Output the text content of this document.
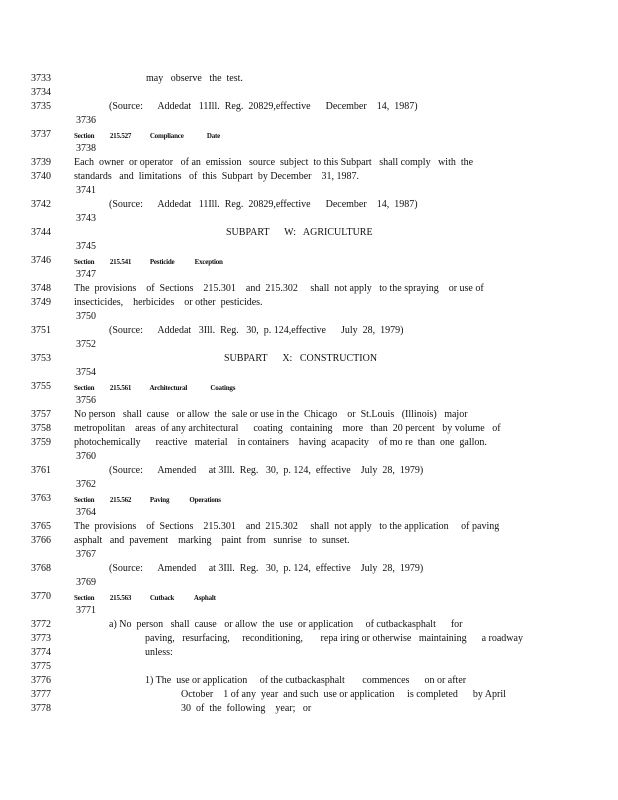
3733
3734
3735
3736
3737
3738
3739
3740
3741
3742
3743
3744
3745
3746
3747
3748
3749
3750
3751
3752
3753
3754
3755
3756
3757
3758
3759
3760
3761
3762
3763
3764
3765
3766
3767
3768
3769
3770
3771
3772
3773
3774
3775
3776
3777
3778
may   observe   the  test.
(Source:      Addedat   11Ill.  Reg.  20829,effective      December    14,  1987)
Section          215.527            Compliance               Date
Each  owner  or operator   of an  emission   source  subject  to this Subpart   shall comply   with  the
standards   and  limitations   of  this  Subpart  by December    31, 1987.
(Source:      Addedat   11Ill.  Reg.  20829,effective      December    14,  1987)
SUBPART      W:   AGRICULTURE
Section          215.541            Pesticide             Exception
The  provisions    of  Sections    215.301    and  215.302     shall  not apply   to the spraying    or use of
insecticides,    herbicides    or other  pesticides.
(Source:      Addedat   3Ill.  Reg.   30,  p. 124,effective      July  28,  1979)
SUBPART      X:   CONSTRUCTION
Section          215.561            Architectural               Coatings
No person   shall  cause   or allow  the  sale or use in the  Chicago    or  St.Louis   (Illinois)   major
metropolitan    areas  of any architectural      coating   containing    more   than  20 percent   by volume   of
photochemically      reactive   material    in containers    having  acapacity    of mo re  than  one  gallon.
(Source:      Amended     at 3Ill.  Reg.   30,  p. 124,  effective    July  28,  1979)
Section          215.562            Paving             Operations
The  provisions    of  Sections    215.301    and  215.302     shall  not apply   to the application     of paving
asphalt   and  pavement    marking    paint  from   sunrise   to  sunset.
(Source:      Amended     at 3Ill.  Reg.   30,  p. 124,  effective    July  28,  1979)
Section          215.563            Cutback             Asphalt
a) No  person   shall  cause   or allow  the  use  or application     of cutbackasphalt      for
paving,   resurfacing,     reconditioning,       repa iring or otherwise   maintaining      a roadway
unless:
1) The  use or application     of the cutbackasphalt       commences      on or after
October    1 of any  year  and such  use or application     is completed      by April
30  of  the  following    year;   or
